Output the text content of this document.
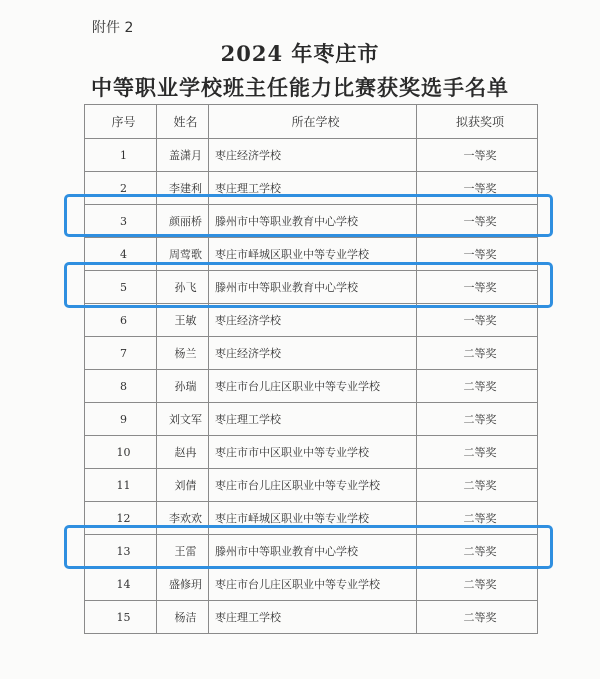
附件 2
2024 年枣庄市
中等职业学校班主任能力比赛获奖选手名单
序号	姓名	所在学校	拟获奖项
1	盖潇月	枣庄经济学校	一等奖
2	李建利	枣庄理工学校	一等奖
3	颜丽桥	滕州市中等职业教育中心学校	一等奖
4	周莺歌	枣庄市峄城区职业中等专业学校	一等奖
5	孙飞	滕州市中等职业教育中心学校	一等奖
6	王敏	枣庄经济学校	一等奖
7	杨兰	枣庄经济学校	二等奖
8	孙瑞	枣庄市台儿庄区职业中等专业学校	二等奖
9	刘文军	枣庄理工学校	二等奖
10	赵冉	枣庄市市中区职业中等专业学校	二等奖
11	刘倩	枣庄市台儿庄区职业中等专业学校	二等奖
12	李欢欢	枣庄市峄城区职业中等专业学校	二等奖
13	王雷	滕州市中等职业教育中心学校	二等奖
14	盛修玥	枣庄市台儿庄区职业中等专业学校	二等奖
15	杨洁	枣庄理工学校	二等奖
